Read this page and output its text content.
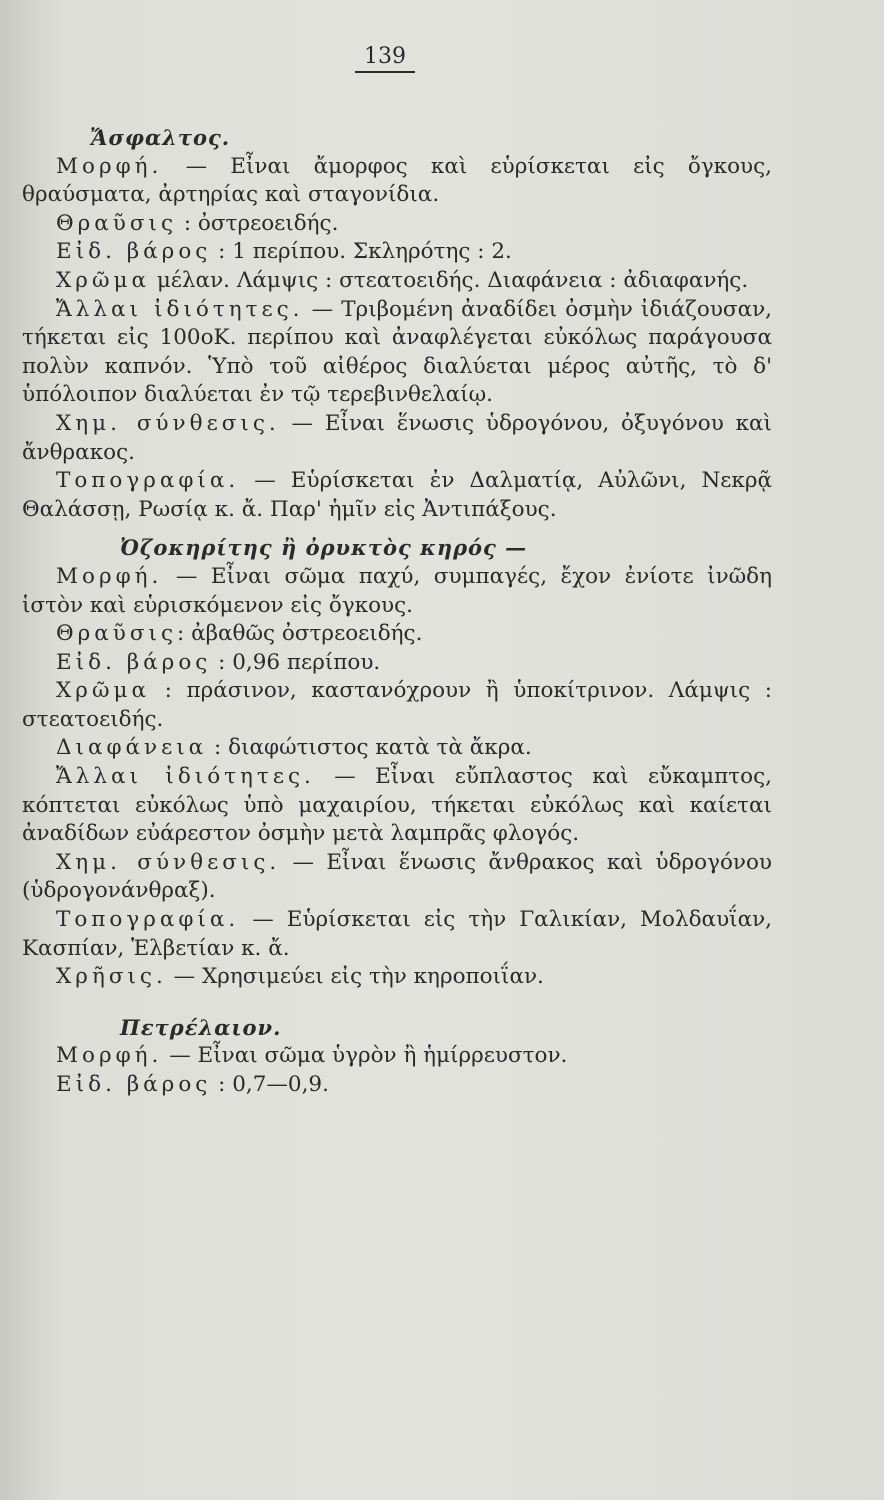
139
Ἄσφαλτος.

Μορφή. — Εἶναι ἄμορφος καὶ εὑρίσκεται εἰς ὄγκους, θραύσματα, ἀρτηρίας καὶ σταγονίδια.

Θραῦσις : ὀστρεοειδής.

Εἰδ. βάρος : 1 περίπου. Σκληρότης : 2.

Χρῶμα μέλαν. Λάμψις : στεατοειδής. Διαφάνεια : ἀδιαφανής.

Ἄλλαι ἰδιότητες. — Τριβομένη ἀναδίδει ὀσμὴν ἰδιάζουσαν, τήκεται εἰς 100οΚ. περίπου καὶ ἀναφλέγεται εὐκόλως παράγουσα πολὺν καπνόν. Ὑπὸ τοῦ αἰθέρος διαλύεται μέρος αὐτῆς, τὸ δ' ὑπόλοιπον διαλύεται ἐν τῷ τερεβινθελαίῳ.

Χημ. σύνθεσις. — Εἶναι ἕνωσις ὑδρογόνου, ὀξυγόνου καὶ ἄνθρακος.

Τοπογραφία. — Εὑρίσκεται ἐν Δαλματίᾳ, Αὐλῶνι, Νεκρᾷ Θαλάσσῃ, Ρωσίᾳ κ. ἄ. Παρ' ἡμῖν εἰς Ἀντιπάξους.

Ὀζοκηρίτης ἢ ὀρυκτὸς κηρός —

Μορφή. — Εἶναι σῶμα παχύ, συμπαγές, ἔχον ἐνίοτε ἰνῶδη ἱστὸν καὶ εὑρισκόμενον εἰς ὄγκους.

Θραῦσις: ἀβαθῶς ὀστρεοειδής.

Εἰδ. βάρος : 0,96 περίπου.

Χρῶμα : πράσινον, καστανόχρουν ἢ ὑποκίτρινον. Λάμψις : στεατοειδής.

Διαφάνεια : διαφώτιστος κατὰ τὰ ἄκρα.

Ἄλλαι ἰδιότητες. — Εἶναι εὔπλαστος καὶ εὔκαμπτος, κόπτεται εὐκόλως ὑπὸ μαχαιρίου, τήκεται εὐκόλως καὶ καίεται ἀναδίδων εὐάρεστον ὀσμὴν μετὰ λαμπρᾶς φλογός.

Χημ. σύνθεσις. — Εἶναι ἕνωσις ἄνθρακος καὶ ὑδρογόνου (ὑδρογονάνθραξ).

Τοπογραφία. — Εὑρίσκεται εἰς τὴν Γαλικίαν, Μολδαυΐαν, Κασπίαν, Ἑλβετίαν κ. ἄ.

Χρῆσις. — Χρησιμεύει εἰς τὴν κηροποιΐαν.

Πετρέλαιον.

Μορφή. — Εἶναι σῶμα ὑγρὸν ἢ ἡμίρρευστον.

Εἰδ. βάρος : 0,7—0,9.
